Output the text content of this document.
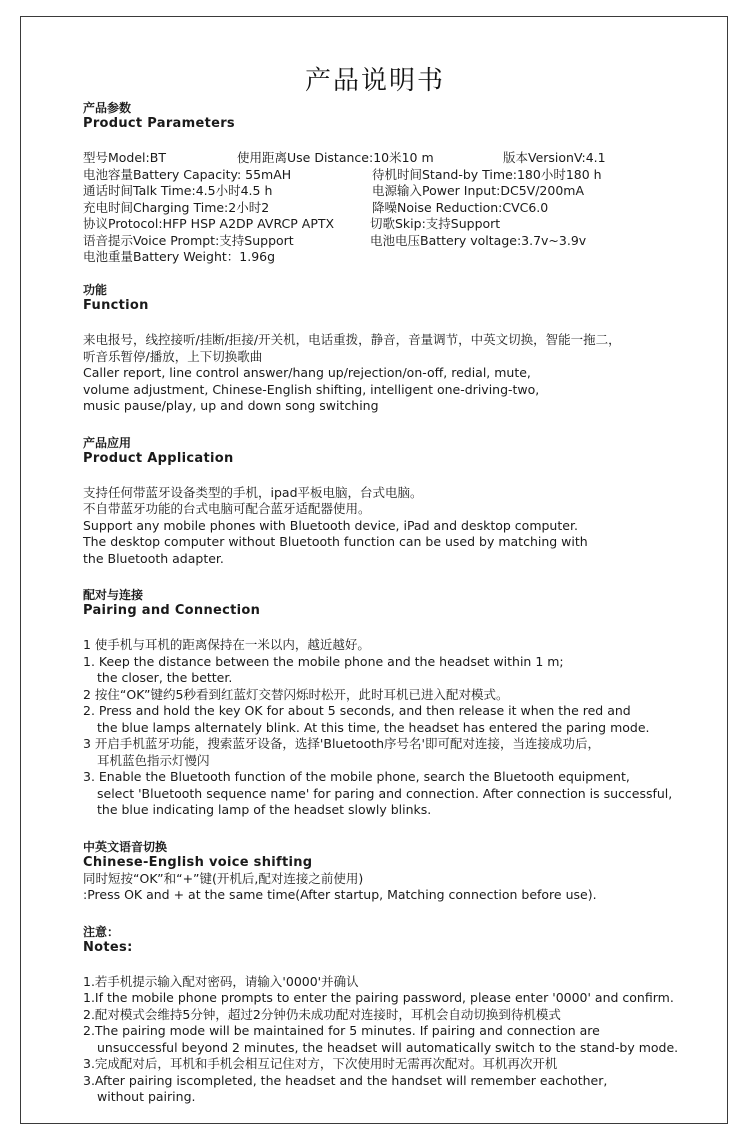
产品说明书
产品参数
Product Parameters
型号Model:BT	使用距离Use Distance:10米10 m	版本VersionV:4.1
电池容量Battery Capacity: 55mAH	待机时间Stand-by Time:180小时180 h
通话时间Talk Time:4.5小时4.5 h	电源输入Power Input:DC5V/200mA
充电时间Charging Time:2小时2	降噪Noise Reduction:CVC6.0
协议Protocol:HFP HSP A2DP AVRCP APTX	切歌Skip:支持Support
语音提示Voice Prompt:支持Support	电池电压Battery voltage:3.7v~3.9v
电池重量Battery Weight：1.96g
功能
Function

来电报号，线控接听/挂断/拒接/开关机，电话重拨，静音，音量调节，中英文切换，智能一拖二，

听音乐暂停/播放，上下切换歌曲

Caller report, line control answer/hang up/rejection/on-off, redial, mute,

volume adjustment, Chinese-English shifting, intelligent one-driving-two,

music pause/play, up and down song switching

产品应用
Product Application

支持任何带蓝牙设备类型的手机，ipad平板电脑，台式电脑。

不自带蓝牙功能的台式电脑可配合蓝牙适配器使用。

Support any mobile phones with Bluetooth device, iPad and desktop computer.

The desktop computer without Bluetooth function can be used by matching with

the Bluetooth adapter.

配对与连接
Pairing and Connection

1 使手机与耳机的距离保持在一米以内，越近越好。

1. Keep the distance between the mobile phone and the headset within 1 m;

the closer, the better.

2 按住“OK”键约5秒看到红蓝灯交替闪烁时松开，此时耳机已进入配对模式。

2. Press and hold the key OK for about 5 seconds, and then release it when the red and

the blue lamps alternately blink. At this time, the headset has entered the paring mode.

3 开启手机蓝牙功能，搜索蓝牙设备，选择'Bluetooth序号名'即可配对连接，当连接成功后，

耳机蓝色指示灯慢闪

3. Enable the Bluetooth function of the mobile phone, search the Bluetooth equipment,

select 'Bluetooth sequence name' for paring and connection. After connection is successful,

the blue indicating lamp of the headset slowly blinks.

中英文语音切换
Chinese-English voice shifting

同时短按“OK”和“+”键(开机后,配对连接之前使用)

:Press OK and + at the same time(After startup, Matching connection before use).

注意：
Notes:

1.若手机提示输入配对密码，请输入'0000'并确认

1.If the mobile phone prompts to enter the pairing password, please enter '0000' and confirm.

2.配对模式会维持5分钟，超过2分钟仍未成功配对连接时，耳机会自动切换到待机模式

2.The pairing mode will be maintained for 5 minutes. If pairing and connection are

unsuccessful beyond 2 minutes, the headset will automatically switch to the stand-by mode.

3.完成配对后，耳机和手机会相互记住对方，下次使用时无需再次配对。耳机再次开机

3.After pairing iscompleted, the headset and the handset will remember eachother,

without pairing.
